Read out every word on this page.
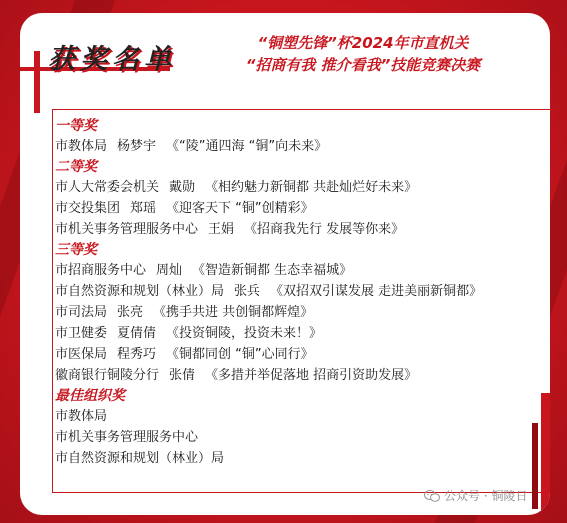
获奖名单
“铜塑先锋”杯2024年市直机关
“招商有我 推介看我”技能竞赛决赛
一等奖
市教体局 杨梦宇 《“陵”通四海 “铜”向未来》
二等奖
市人大常委会机关 戴勋 《相约魅力新铜都 共赴灿烂好未来》
市交投集团 郑瑶 《迎客天下 “铜”创精彩》
市机关事务管理服务中心 王娟 《招商我先行 发展等你来》
三等奖
市招商服务中心 周灿 《智造新铜都 生态幸福城》
市自然资源和规划（林业）局 张兵 《双招双引谋发展 走进美丽新铜都》
市司法局 张亮 《携手共进 共创铜都辉煌》
市卫健委 夏倩倩 《投资铜陵，投资未来！》
市医保局 程秀巧 《铜都同创 “铜”心同行》
徽商银行铜陵分行 张倩 《多措并举促落地 招商引资助发展》
最佳组织奖
市教体局
市机关事务管理服务中心
市自然资源和规划（林业）局
公众号 · 铜陵日
